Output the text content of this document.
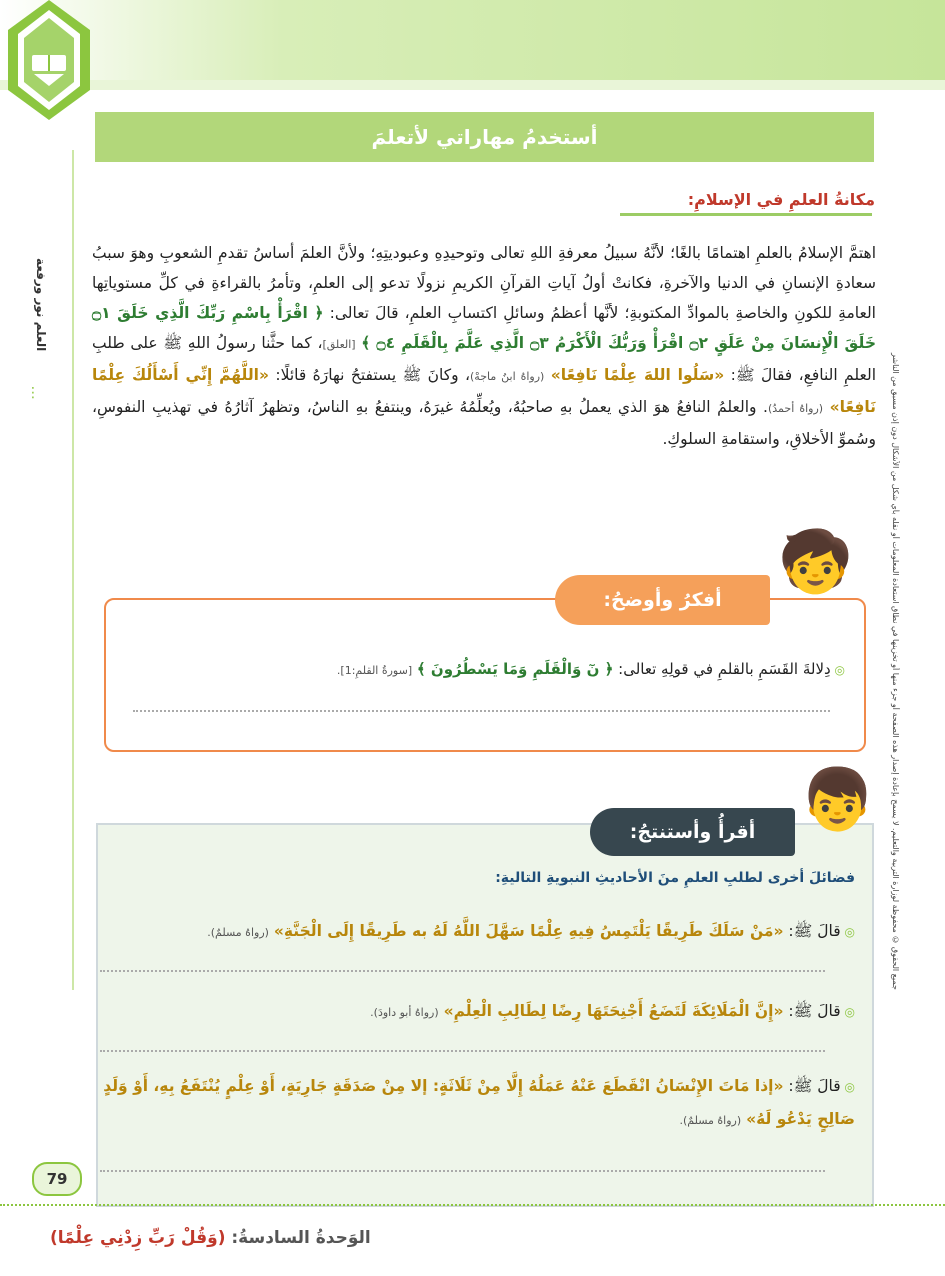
العلم نور ورفعة
⋮	جميع الحقوق © محفوظة لوزارة التربية والتعليم. لا يسمح بإعادة إصدار هذه الصفحة أو جزء منها أو تخزينها في نطاق استعادة المعلومات أو نقله بأي شكل من الأشكال دون إذن مسبق من الناشر
أستخدمُ مهاراتي لأتعلمَ
مكانةُ العلمِ في الإسلامِ:
اهتمَّ الإسلامُ بالعلمِ اهتمامًا بالغًا؛ لأنَّهُ سبيلُ معرفةِ اللهِ تعالى وتوحيدِهِ وعبوديتِهِ؛ ولأنَّ العلمَ أساسُ تقدمِ الشعوبِ وهوَ سببُ سعادةِ الإنسانِ في الدنيا والآخرةِ، فكانتْ أولُ آياتِ القرآنِ الكريمِ نزولًا تدعو إلى العلمِ، وتأمرُ بالقراءةِ في كلِّ مستوياتِها العامةِ للكونِ والخاصةِ بالموادِّ المكتوبةِ؛ لأنَّها أعظمُ وسائلِ اكتسابِ العلمِ، قالَ تعالى: ﴿ اقْرَأْ بِاسْمِ رَبِّكَ الَّذِي خَلَقَ ۝١ خَلَقَ الْإِنسَانَ مِنْ عَلَقٍ ۝٢ اقْرَأْ وَرَبُّكَ الْأَكْرَمُ ۝٣ الَّذِي عَلَّمَ بِالْقَلَمِ ۝٤ ﴾ [العلق]، كما حثَّنا رسولُ اللهِ ﷺ على طلبِ العلمِ النافعِ، فقالَ ﷺ: «سَلُوا اللهَ عِلْمًا نَافِعًا» (رواهُ ابنُ ماجهْ)، وكانَ ﷺ يستفتحُ نهارَهُ قائلًا: «اللَّهُمَّ إِنِّي أَسْأَلُكَ عِلْمًا نَافِعًا» (رواهُ أحمدُ). والعلمُ النافعُ هوَ الذي يعملُ بهِ صاحبُهُ، ويُعلِّمُهُ غيرَهُ، وينتفعُ بهِ الناسُ، وتظهرُ آثارُهُ في تهذيبِ النفوسِ، وسُموِّ الأخلاقِ، واستقامةِ السلوكِ.
أفكرُ وأوضحُ:
🧒
◎ دِلالةَ القَسَمِ بالقلمِ في قولِهِ تعالى: ﴿ نٓ وَالْقَلَمِ وَمَا يَسْطُرُونَ ﴾ [سورةُ القلمِ:1].
أقرأُ وأستنتجُ: 👦
فضائلَ أخرى لطلبِ العلمِ منَ الأحاديثِ النبويةِ التاليةِ:
◎ قالَ ﷺ: «مَنْ سَلَكَ طَرِيقًا يَلْتَمِسُ فِيهِ عِلْمًا سَهَّلَ اللَّهُ لَهُ به طَرِيقًا إِلَى الْجَنَّةِ» (رواهُ مسلمٌ).
◎ قالَ ﷺ: «إِنَّ الْمَلَائِكَةَ لَتَضَعُ أَجْنِحَتَهَا رِضًا لِطَالِبِ الْعِلْمِ» (رواهُ أبو داودَ).
◎ قالَ ﷺ: «إذا مَاتَ الإِنْسَانُ انْقَطَعَ عَنْهُ عَمَلُهُ إِلَّا مِنْ ثَلَاثَةٍ: إلا مِنْ صَدَقَةٍ جَارِيَةٍ، أَوْ عِلْمٍ يُنْتَفَعُ بِهِ، أَوْ وَلَدٍ صَالِحٍ يَدْعُو لَهُ» (رواهُ مسلمٌ).
79
الوَحدةُ السادسةُ: (وَقُلْ رَبِّ زِدْنِي عِلْمًا)
